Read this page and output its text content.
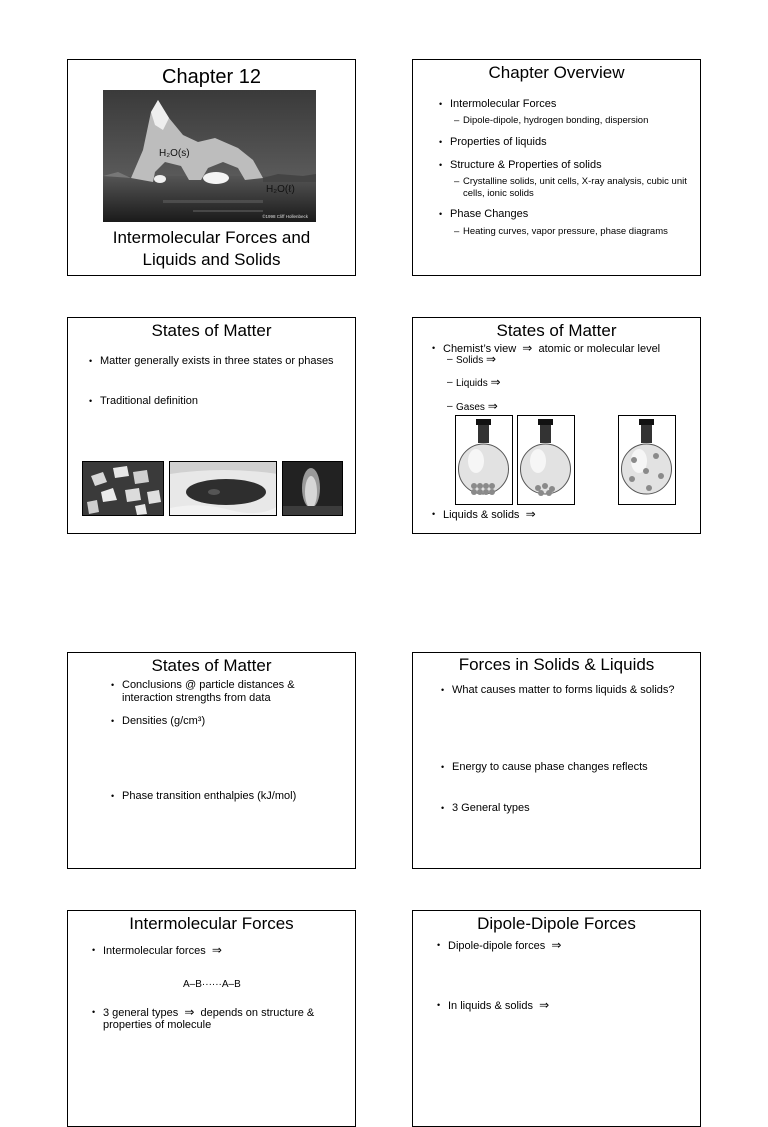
Chapter 12
H₂O(s)
H₂O(ℓ)
©1998 Cliff Hollenbeck
Intermolecular Forces and
Liquids and Solids
Chapter Overview
• Intermolecular Forces
– Dipole-dipole, hydrogen bonding, dispersion
• Properties of liquids
• Structure & Properties of solids
– Crystalline solids, unit cells, X-ray analysis, cubic unit cells, ionic solids
• Phase Changes
– Heating curves, vapor pressure, phase diagrams
States of Matter
• Matter generally exists in three states or phases
• Traditional definition
States of Matter
• Chemist’s view ⇒ atomic or molecular level
– Solids ⇒
– Liquids ⇒
– Gases ⇒
• Liquids & solids ⇒
States of Matter
• Conclusions @ particle distances &
interaction strengths from data
• Densities (g/cm³)
• Phase transition enthalpies (kJ/mol)
Forces in Solids & Liquids
• What causes matter to forms liquids & solids?
• Energy to cause phase changes reflects
• 3 General types
Intermolecular Forces
• Intermolecular forces ⇒
A–B······A–B
• 3 general types ⇒ depends on structure &
properties of molecule
Dipole-Dipole Forces
• Dipole-dipole forces ⇒
• In liquids & solids ⇒
